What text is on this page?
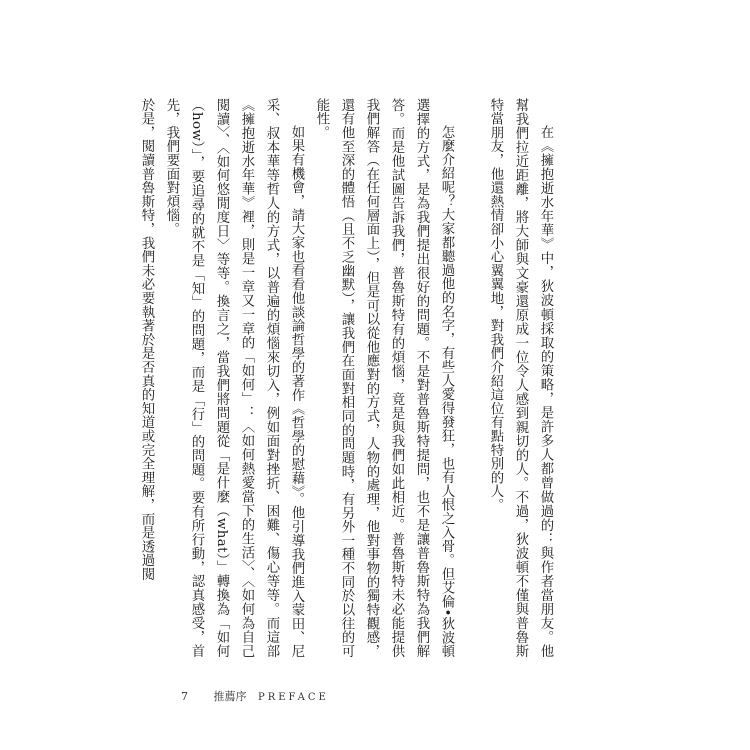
在《擁抱逝水年華》中，狄波頓採取的策略，是許多人都曾做過的：與作者當朋友。他幫我們拉近距離，將大師與文豪還原成一位令人感到親切的人。不過，狄波頓不僅與普魯斯特當朋友，他還熱情卻小心翼翼地，對我們介紹這位有點特別的人。

怎麼介紹呢？大家都聽過他的名字，有些人愛得發狂，也有人恨之入骨。但艾倫•狄波頓選擇的方式，是為我們提出很好的問題。不是對普魯斯特提問，也不是讓普魯斯特為我們解答。而是他試圖告訴我們，普魯斯特有的煩惱，竟是與我們如此相近。普魯斯特未必能提供我們解答（在任何層面上），但是可以從他應對的方式，人物的處理，他對事物的獨特觀感，還有他至深的體悟（且不乏幽默），讓我們在面對相同的問題時，有另外一種不同於以往的可能性。

如果有機會，請大家也看看他談論哲學的著作《哲學的慰藉》。他引導我們進入蒙田、尼采、叔本華等哲人的方式，以普遍的煩惱來切入，例如面對挫折、困難、傷心等等。而這部《擁抱逝水年華》裡，則是一章又一章的「如何」：〈如何熱愛當下的生活〉、〈如何為自己閱讀〉、〈如何悠閒度日〉等等。換言之，當我們將問題從「是什麼（what）」轉換為「如何（how）」，要追尋的就不是「知」的問題，而是「行」的問題。要有所行動，認真感受，首先，我們要面對煩惱。

於是，閱讀普魯斯特，我們未必要執著於是否真的知道或完全理解，而是透過閱

7 推薦序 PREFACE
